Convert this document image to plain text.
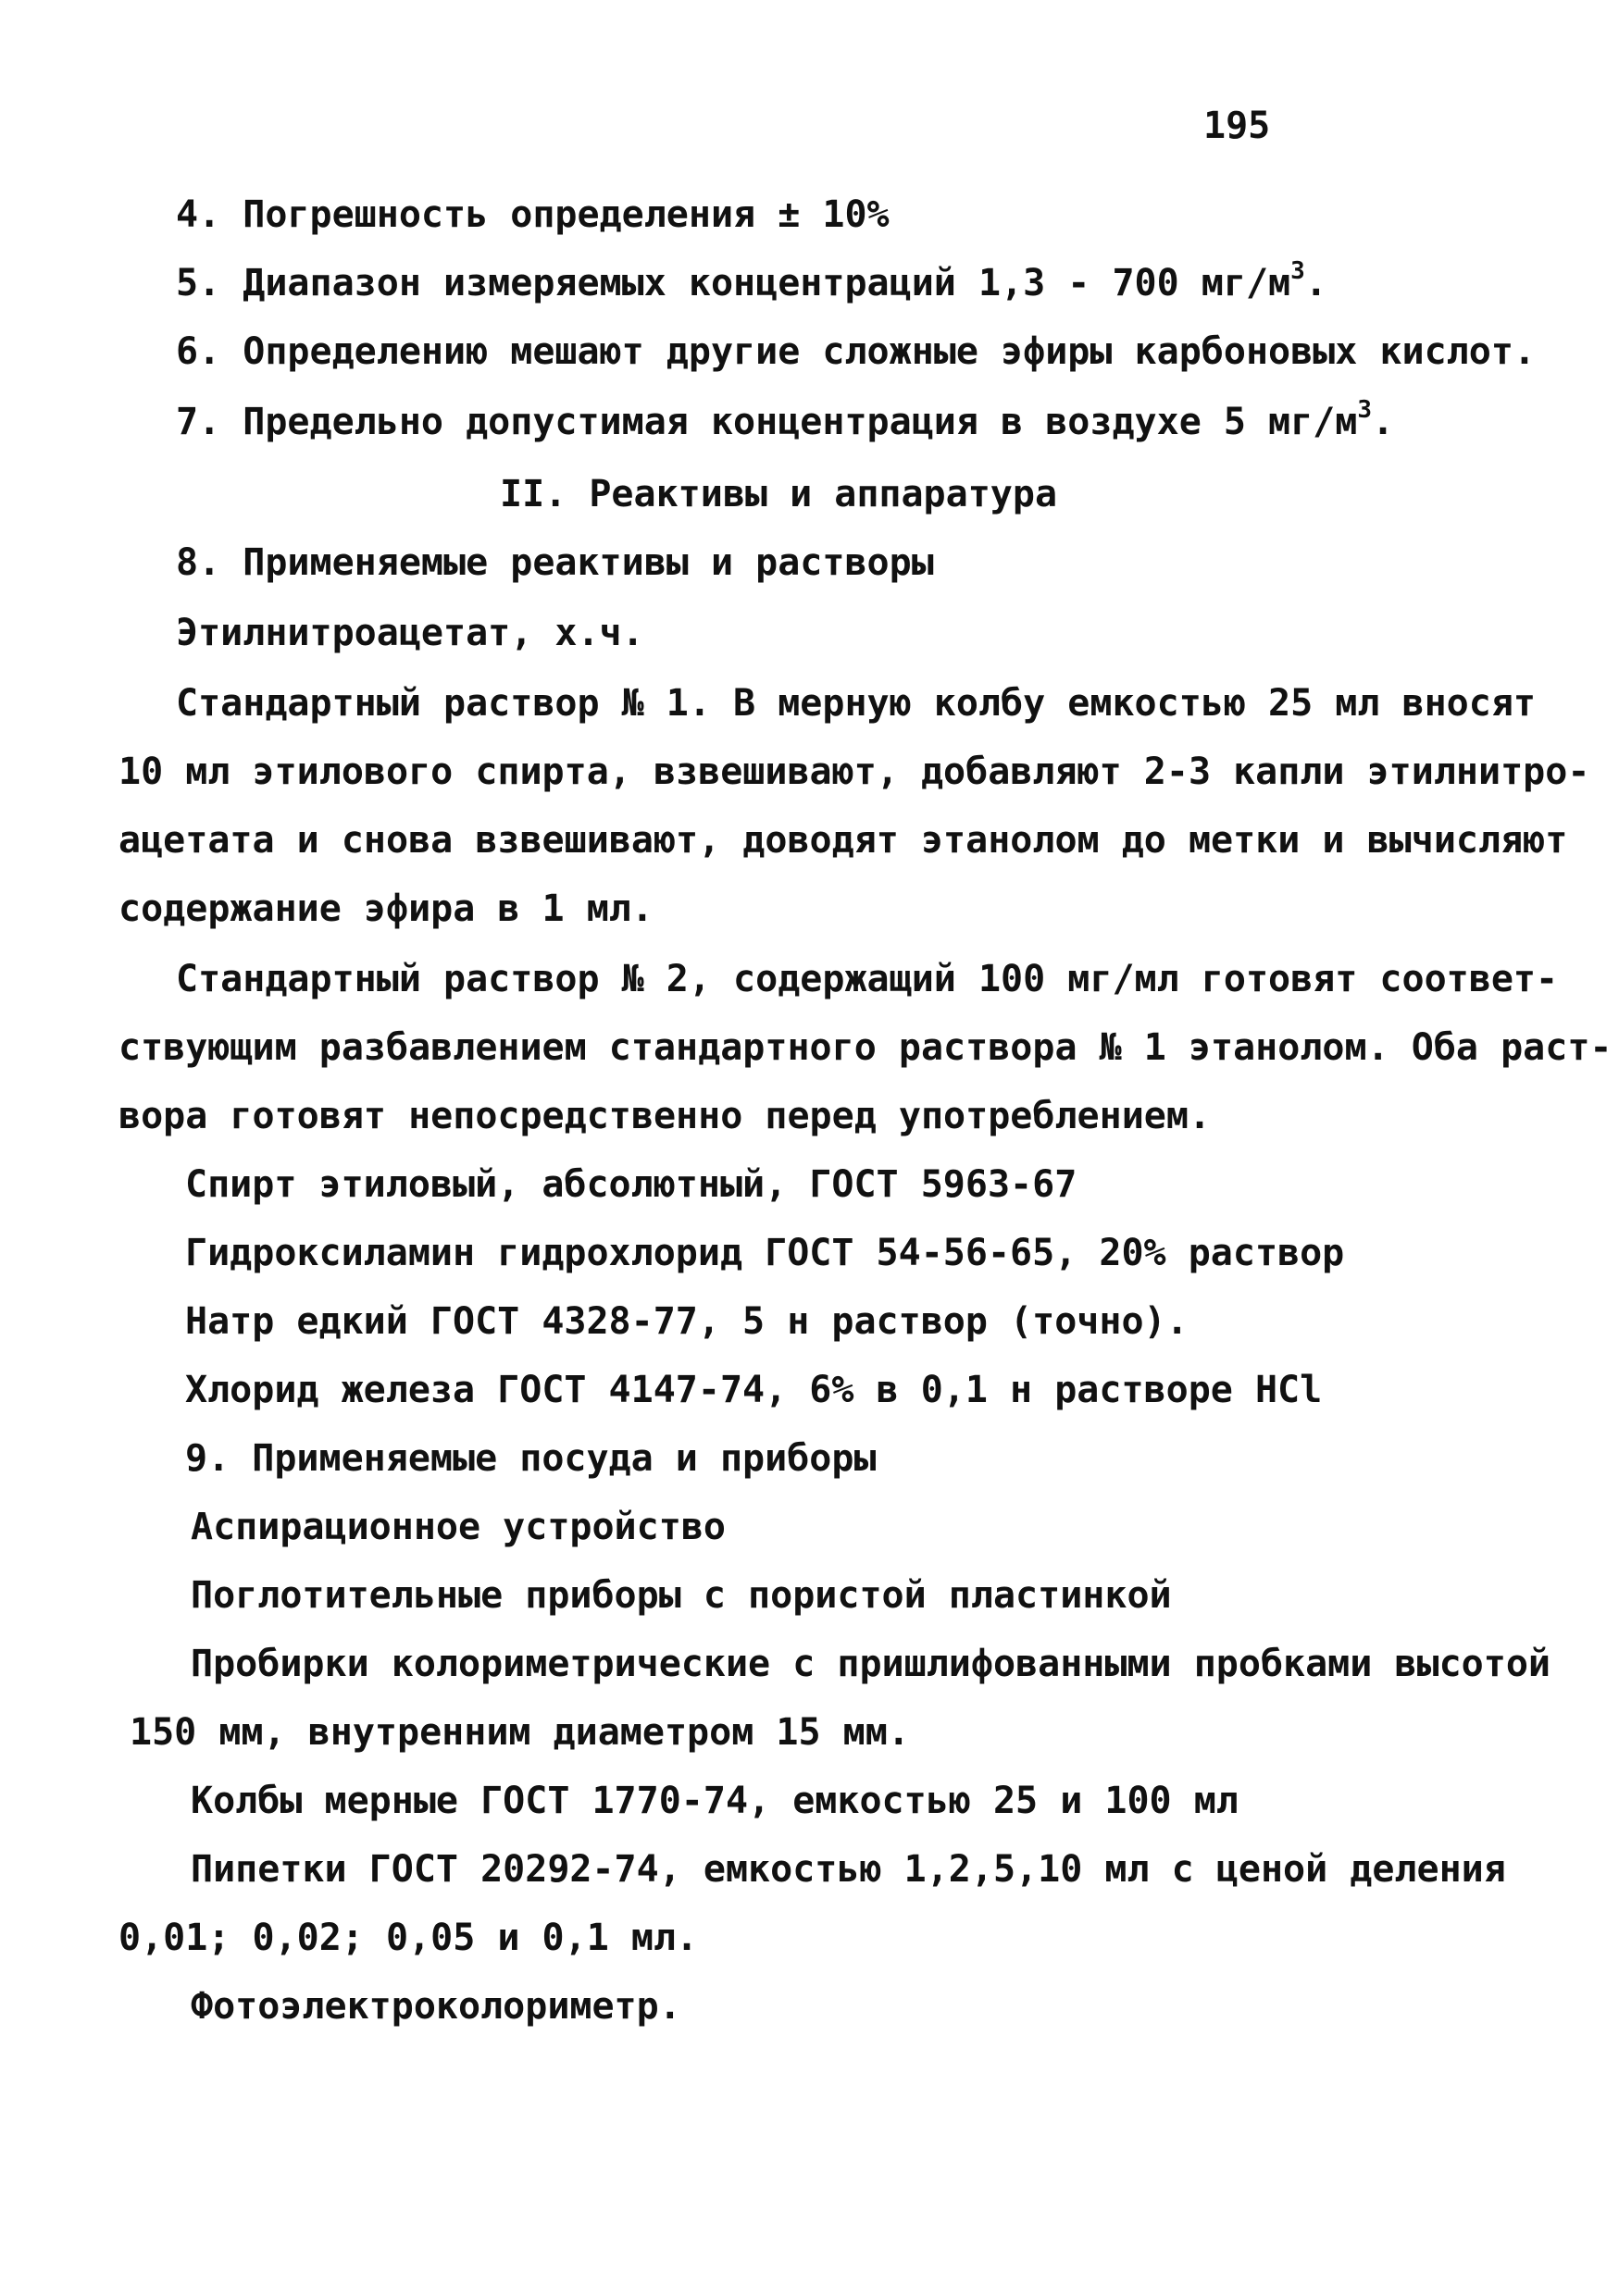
195
4. Погрешность определения ± 10%
5. Диапазон измеряемых концентраций 1,3 - 700 $мг/м^3$.
6. Определению мешают другие сложные эфиры карбоновых кислот.
7. Предельно допустимая концентрация в воздухе 5 $мг/м^3$.
II. Реактивы и аппаратура
8. Применяемые реактивы и растворы
Этилнитроацетат, х.ч.
Стандартный раствор № 1. В мерную колбу емкостью 25 мл вносят
10 мл этилового спирта, взвешивают, добавляют 2-3 капли этилнитро-
ацетата и снова взвешивают, доводят этанолом до метки и вычисляют
содержание эфира в 1 мл.
Стандартный раствор № 2, содержащий 100 мг/мл готовят соответ-
ствующим разбавлением стандартного раствора № 1 этанолом. Оба раст-
вора готовят непосредственно перед употреблением.
Спирт этиловый, абсолютный, ГОСТ 5963-67
Гидроксиламин гидрохлорид ГОСТ 54-56-65, 20% раствор
Натр едкий ГОСТ 4328-77, 5 н раствор (точно).
Хлорид железа ГОСТ 4147-74, 6% в 0,1 н растворе HCl
9. Применяемые посуда и приборы
Аспирационное устройство
Поглотительные приборы с пористой пластинкой
Пробирки колориметрические с пришлифованными пробками высотой
150 мм, внутренним диаметром 15 мм.
Колбы мерные ГОСТ 1770-74, емкостью 25 и 100 мл
Пипетки ГОСТ 20292-74, емкостью 1,2,5,10 мл с ценой деления
0,01; 0,02; 0,05 и 0,1 мл.
Фотоэлектроколориметр.
